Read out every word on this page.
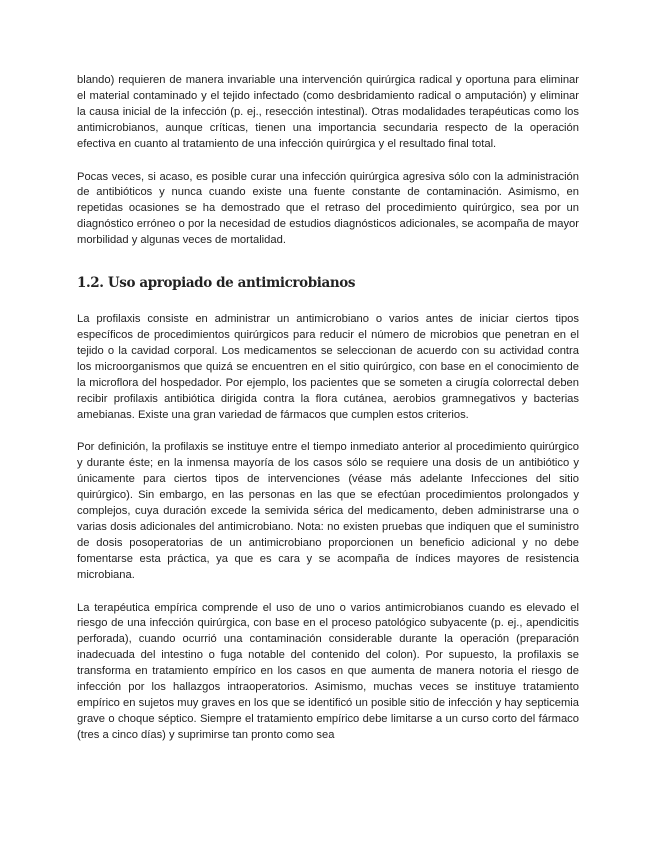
blando) requieren de manera invariable una intervención quirúrgica radical y oportuna para eliminar el material contaminado y el tejido infectado (como desbridamiento radical o amputación) y eliminar la causa inicial de la infección (p. ej., resección intestinal). Otras modalidades terapéuticas como los antimicrobianos, aunque críticas, tienen una importancia secundaria respecto de la operación efectiva en cuanto al tratamiento de una infección quirúrgica y el resultado final total.

Pocas veces, si acaso, es posible curar una infección quirúrgica agresiva sólo con la administración de antibióticos y nunca cuando existe una fuente constante de contaminación. Asimismo, en repetidas ocasiones se ha demostrado que el retraso del procedimiento quirúrgico, sea por un diagnóstico erróneo o por la necesidad de estudios diagnósticos adicionales, se acompaña de mayor morbilidad y algunas veces de mortalidad.

1.2. Uso apropiado de antimicrobianos

La profilaxis consiste en administrar un antimicrobiano o varios antes de iniciar ciertos tipos específicos de procedimientos quirúrgicos para reducir el número de microbios que penetran en el tejido o la cavidad corporal. Los medicamentos se seleccionan de acuerdo con su actividad contra los microorganismos que quizá se encuentren en el sitio quirúrgico, con base en el conocimiento de la microflora del hospedador. Por ejemplo, los pacientes que se someten a cirugía colorrectal deben recibir profilaxis antibiótica dirigida contra la flora cutánea, aerobios gramnegativos y bacterias amebianas. Existe una gran variedad de fármacos que cumplen estos criterios.

Por definición, la profilaxis se instituye entre el tiempo inmediato anterior al procedimiento quirúrgico y durante éste; en la inmensa mayoría de los casos sólo se requiere una dosis de un antibiótico y únicamente para ciertos tipos de intervenciones (véase más adelante Infecciones del sitio quirúrgico). Sin embargo, en las personas en las que se efectúan procedimientos prolongados y complejos, cuya duración excede la semivida sérica del medicamento, deben administrarse una o varias dosis adicionales del antimicrobiano. Nota: no existen pruebas que indiquen que el suministro de dosis posoperatorias de un antimicrobiano proporcionen un beneficio adicional y no debe fomentarse esta práctica, ya que es cara y se acompaña de índices mayores de resistencia microbiana.

La terapéutica empírica comprende el uso de uno o varios antimicrobianos cuando es elevado el riesgo de una infección quirúrgica, con base en el proceso patológico subyacente (p. ej., apendicitis perforada), cuando ocurrió una contaminación considerable durante la operación (preparación inadecuada del intestino o fuga notable del contenido del colon). Por supuesto, la profilaxis se transforma en tratamiento empírico en los casos en que aumenta de manera notoria el riesgo de infección por los hallazgos intraoperatorios. Asimismo, muchas veces se instituye tratamiento empírico en sujetos muy graves en los que se identificó un posible sitio de infección y hay septicemia grave o choque séptico. Siempre el tratamiento empírico debe limitarse a un curso corto del fármaco (tres a cinco días) y suprimirse tan pronto como sea
